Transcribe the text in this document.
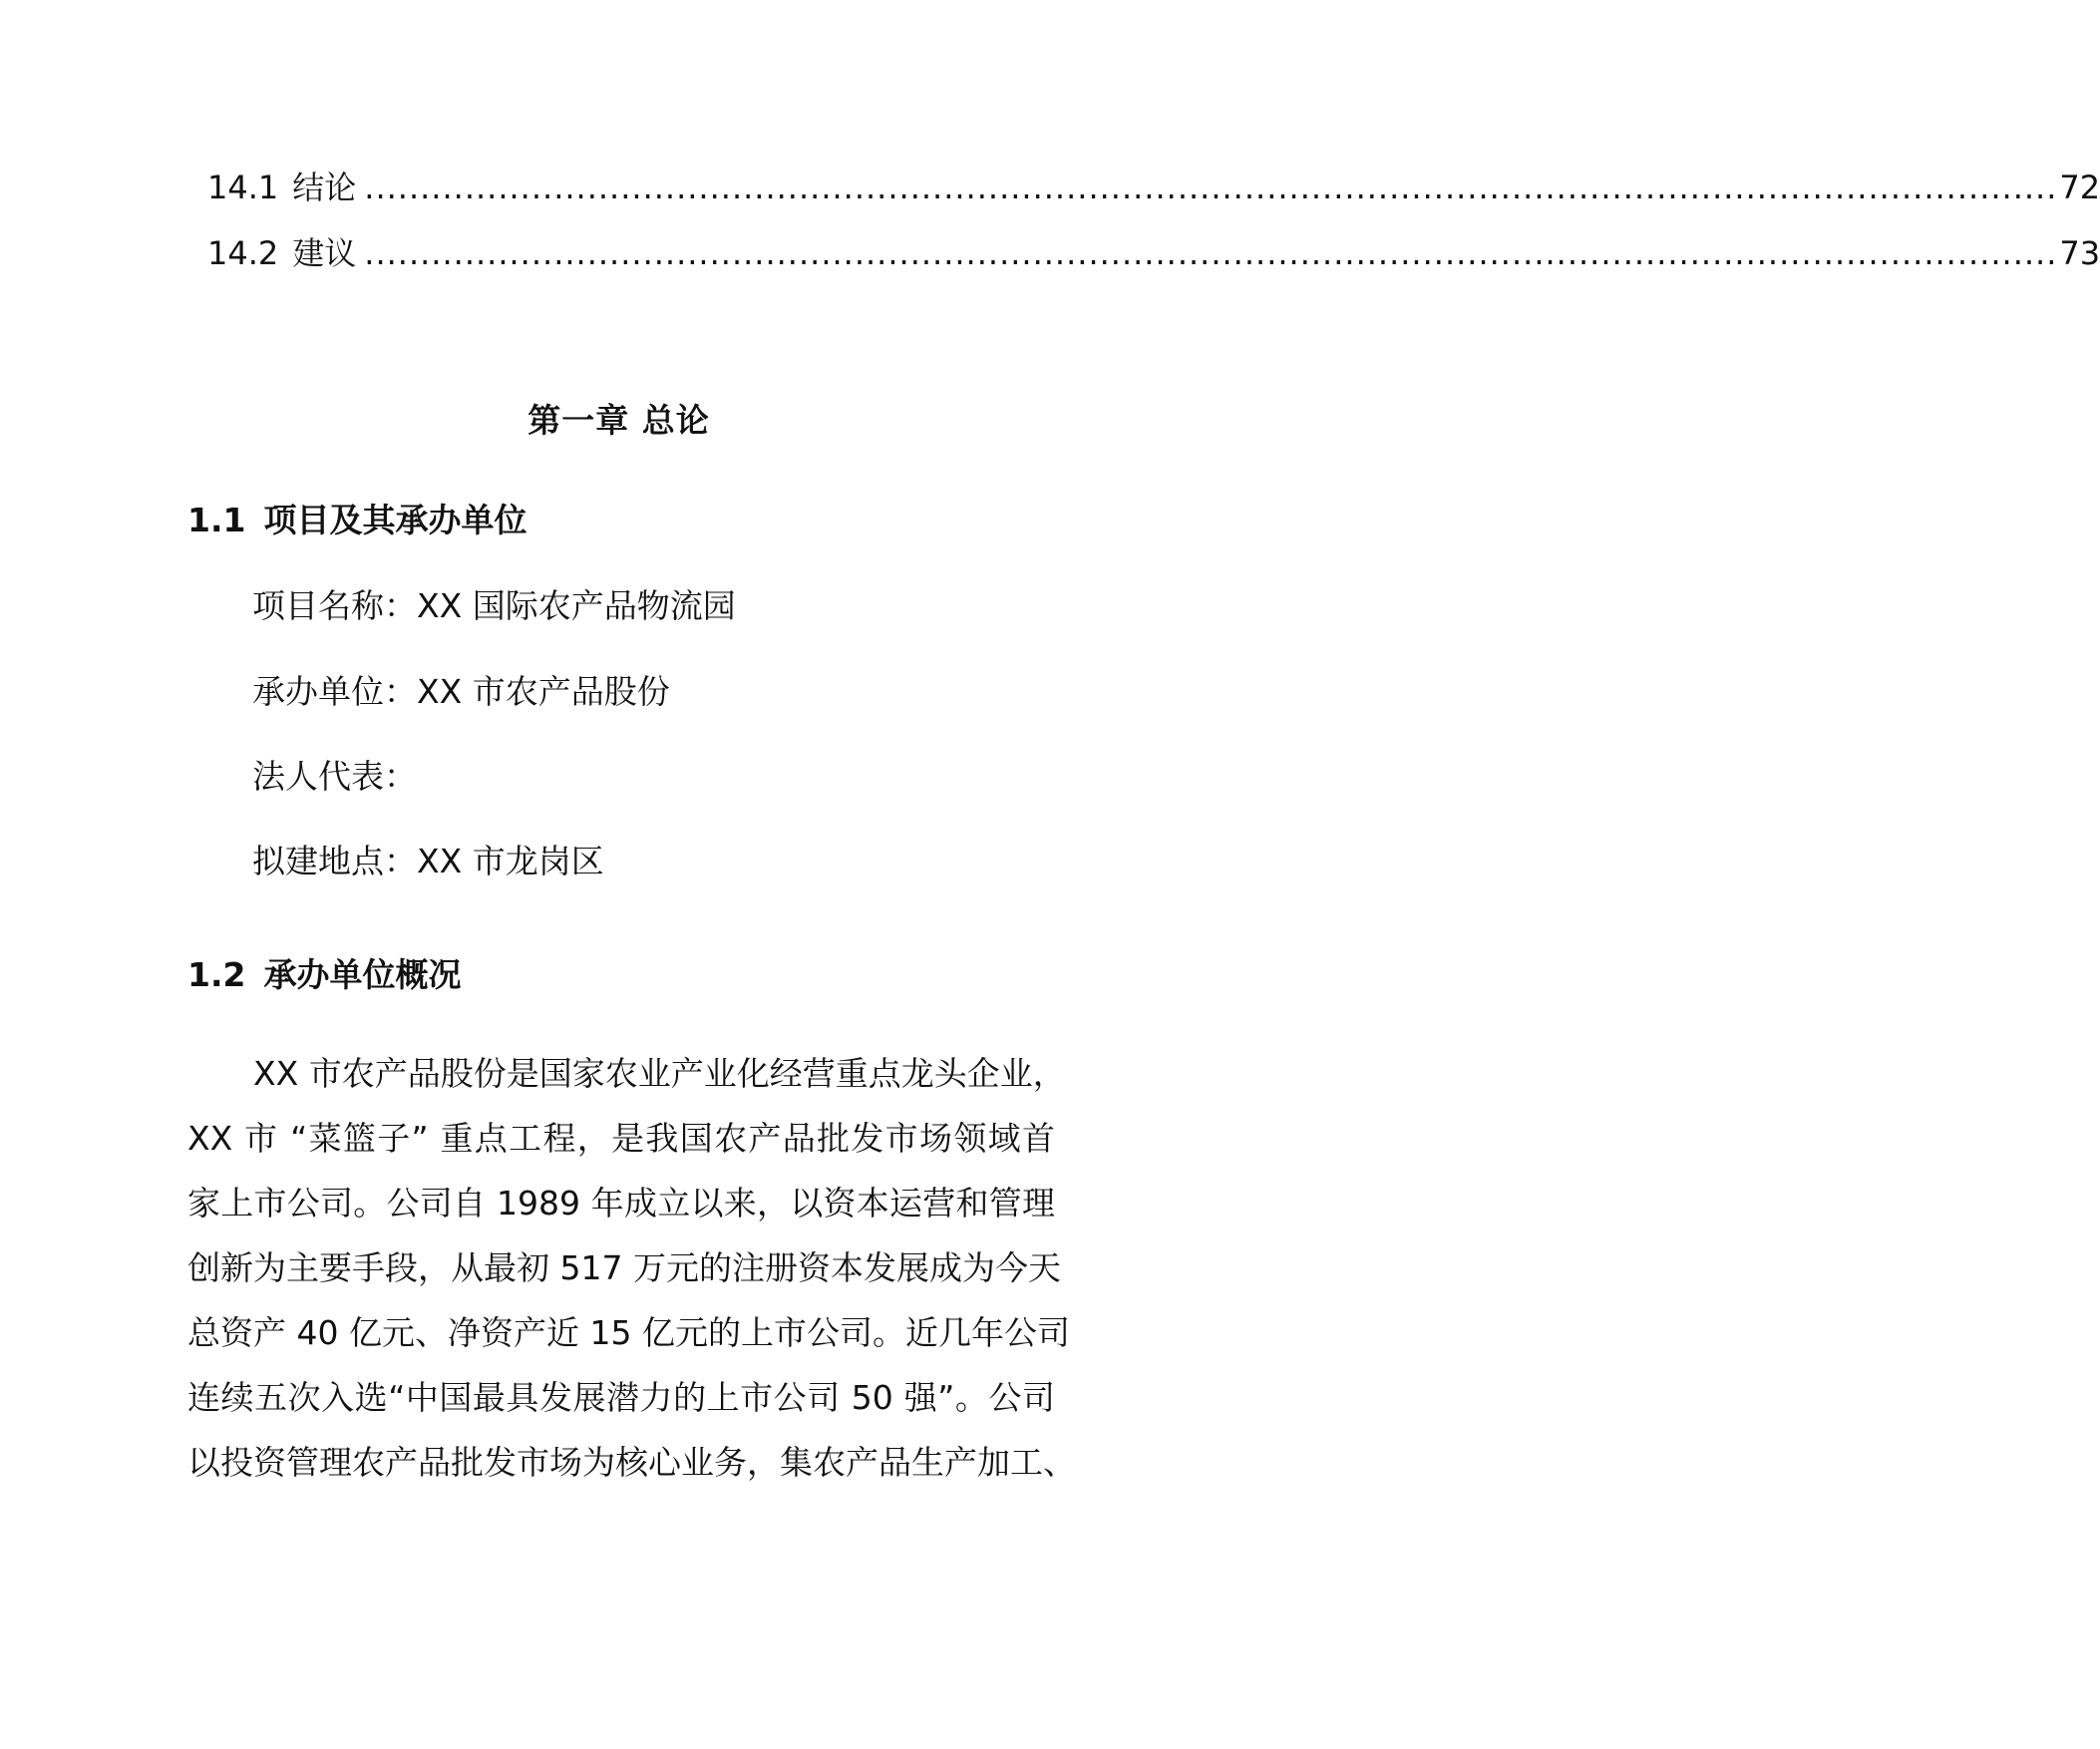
14.1 结论 ........................................................................................................................................................ 72
14.2 建议 ........................................................................................................................................................ 73
第一章 总论
1.1 项目及其承办单位
项目名称：XX 国际农产品物流园
承办单位：XX 市农产品股份
法人代表：
拟建地点：XX 市龙岗区
1.2 承办单位概况
XX 市农产品股份是国家农业产业化经营重点龙头企业，
XX 市 “菜篮子” 重点工程，是我国农产品批发市场领域首
家上市公司。公司自 1989 年成立以来，以资本运营和管理
创新为主要手段，从最初 517 万元的注册资本发展成为今天
总资产 40 亿元、净资产近 15 亿元的上市公司。近几年公司
连续五次入选“中国最具发展潜力的上市公司 50 强”。公司
以投资管理农产品批发市场为核心业务，集农产品生产加工、
